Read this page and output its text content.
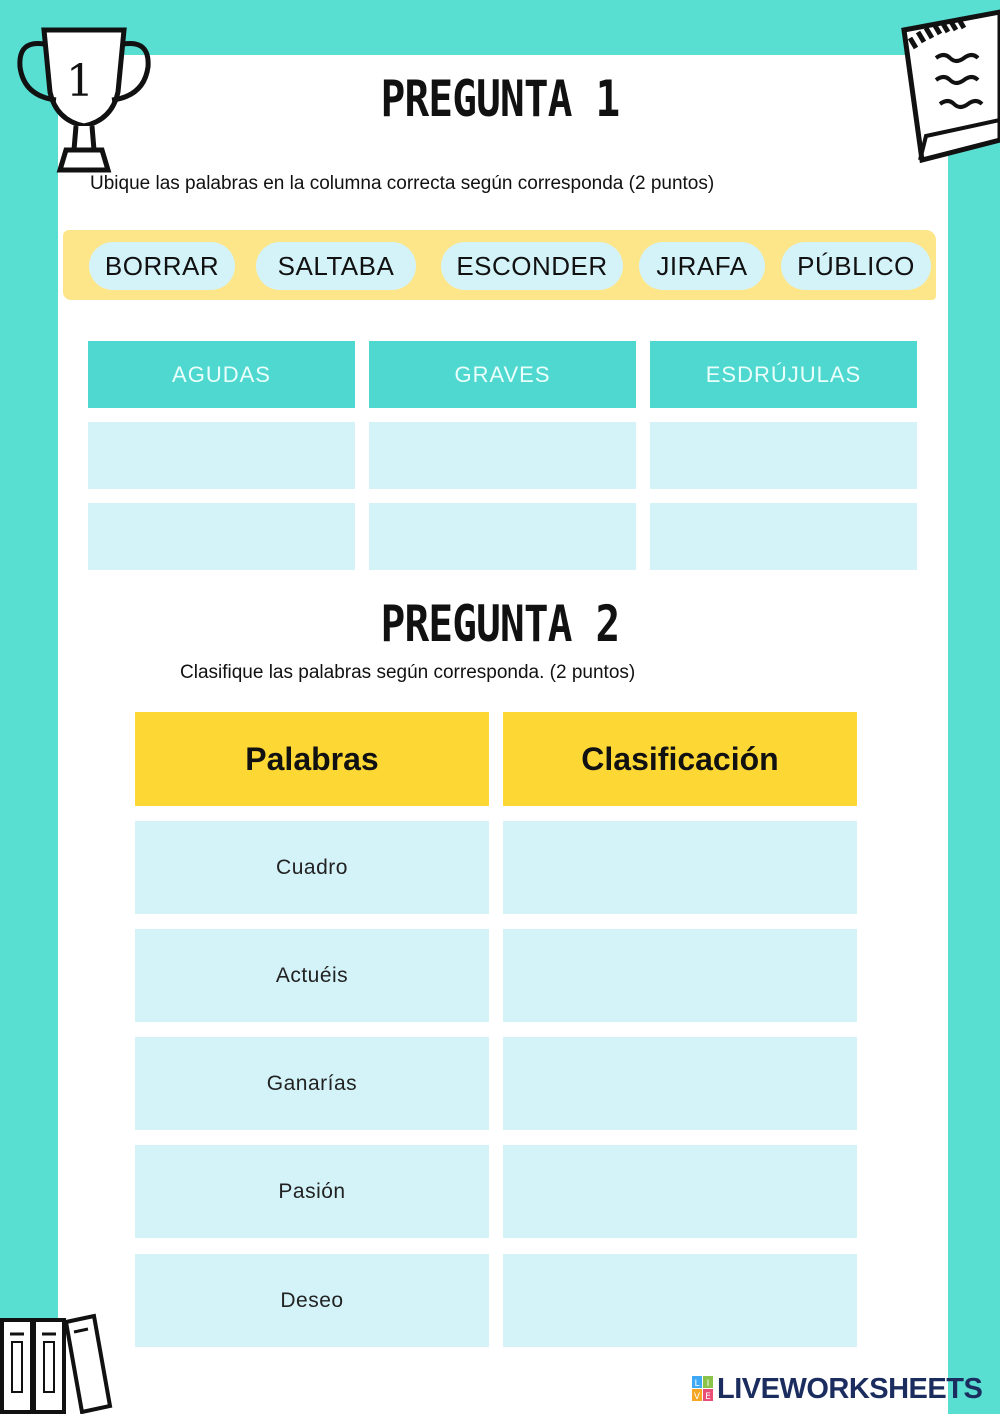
1	PREGUNTA 1
Ubique las palabras en la columna correcta según corresponda (2 puntos)
BORRAR	SALTABA	ESCONDER	JIRAFA	PÚBLICO
AGUDAS	GRAVES	ESDRÚJULAS
PREGUNTA 2
Clasifique las palabras según corresponda. (2 puntos)
Palabras	Clasificación
Cuadro
Actuéis
Ganarías
Pasión
Deseo
L I
V E LIVEWORKSHEETS
